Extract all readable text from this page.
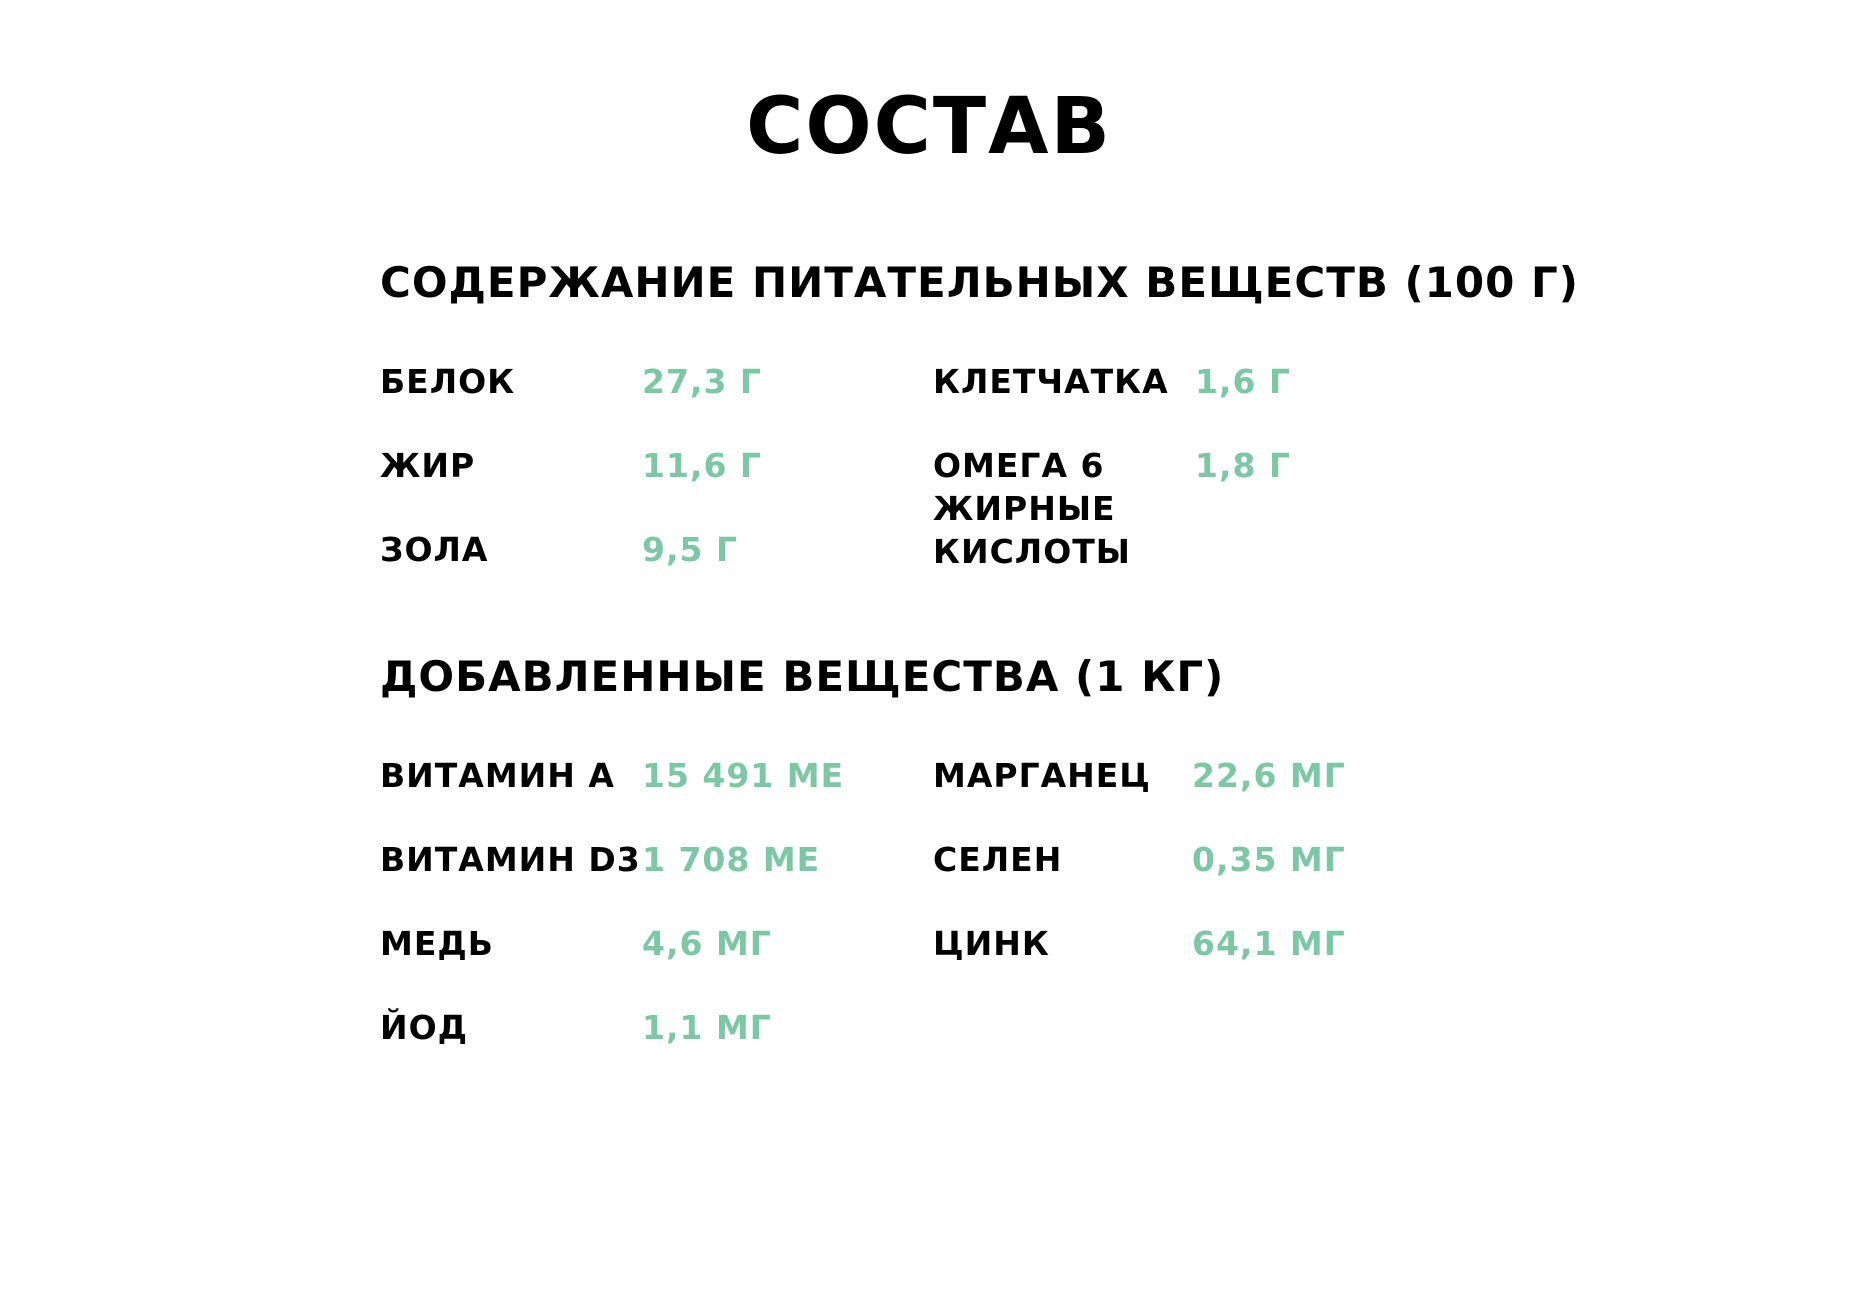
СОСТАВ
СОДЕРЖАНИЕ ПИТАТЕЛЬНЫХ ВЕЩЕСТВ (100 Г)
БЕЛОК	27,3 Г
ЖИР	11,6 Г
ЗОЛА	9,5 Г
КЛЕТЧАТКА 1,6 Г
ОМЕГА 6 ЖИРНЫЕ КИСЛОТЫ
1,8 Г
ДОБАВЛЕННЫЕ ВЕЩЕСТВА (1 КГ)
ВИТАМИН А 15 491 МЕ
ВИТАМИН D3 1 708 МЕ
МЕДЬ	4,6 МГ
ЙОД	1,1 МГ
МАРГАНЕЦ 22,6 МГ
СЕЛЕН	0,35 МГ
ЦИНК	64,1 МГ
